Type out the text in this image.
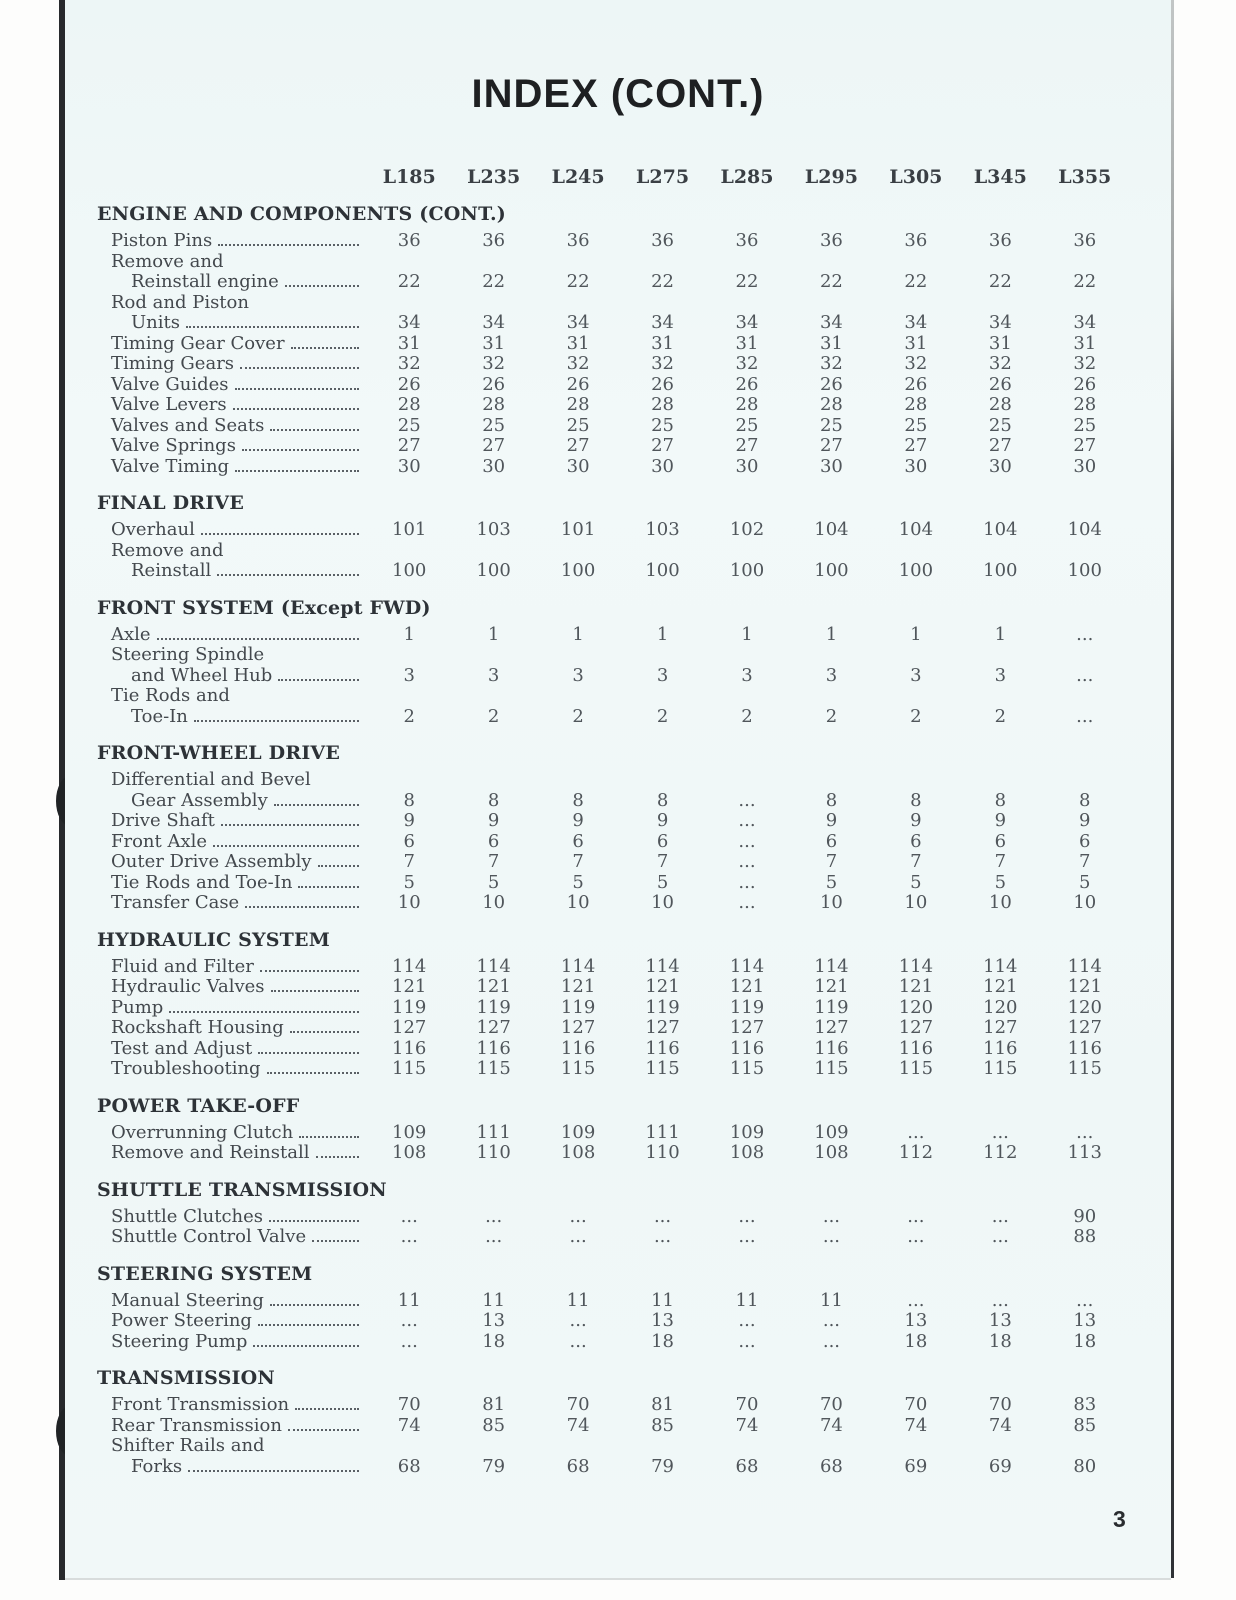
INDEX (CONT.)
L185	L235	L245	L275	L285	L295	L305	L345	L355
ENGINE AND COMPONENTS (CONT.)
Piston Pins	36	36	36	36	36	36	36	36	36
Remove and
Reinstall engine	22	22	22	22	22	22	22	22	22
Rod and Piston
Units	34	34	34	34	34	34	34	34	34
Timing Gear Cover	31	31	31	31	31	31	31	31	31
Timing Gears	32	32	32	32	32	32	32	32	32
Valve Guides	26	26	26	26	26	26	26	26	26
Valve Levers	28	28	28	28	28	28	28	28	28
Valves and Seats	25	25	25	25	25	25	25	25	25
Valve Springs	27	27	27	27	27	27	27	27	27
Valve Timing	30	30	30	30	30	30	30	30	30
FINAL DRIVE
Overhaul	101	103	101	103	102	104	104	104	104
Remove and
Reinstall	100	100	100	100	100	100	100	100	100
FRONT SYSTEM (Except FWD)
Axle	1	1	1	1	1	1	1	1	...
Steering Spindle
and Wheel Hub	3	3	3	3	3	3	3	3	...
Tie Rods and
Toe-In	2	2	2	2	2	2	2	2	...
FRONT-WHEEL DRIVE
Differential and Bevel
Gear Assembly	8	8	8	8	...	8	8	8	8
Drive Shaft	9	9	9	9	...	9	9	9	9
Front Axle	6	6	6	6	...	6	6	6	6
Outer Drive Assembly	7	7	7	7	...	7	7	7	7
Tie Rods and Toe-In	5	5	5	5	...	5	5	5	5
Transfer Case	10	10	10	10	...	10	10	10	10
HYDRAULIC SYSTEM
Fluid and Filter	114	114	114	114	114	114	114	114	114
Hydraulic Valves	121	121	121	121	121	121	121	121	121
Pump	119	119	119	119	119	119	120	120	120
Rockshaft Housing	127	127	127	127	127	127	127	127	127
Test and Adjust	116	116	116	116	116	116	116	116	116
Troubleshooting	115	115	115	115	115	115	115	115	115
POWER TAKE-OFF
Overrunning Clutch	109	111	109	111	109	109	...	...	...
Remove and Reinstall	108	110	108	110	108	108	112	112	113
SHUTTLE TRANSMISSION
Shuttle Clutches	...	...	...	...	...	...	...	...	90
Shuttle Control Valve	...	...	...	...	...	...	...	...	88
STEERING SYSTEM
Manual Steering	11	11	11	11	11	11	...	...	...
Power Steering	...	13	...	13	...	...	13	13	13
Steering Pump	...	18	...	18	...	...	18	18	18
TRANSMISSION
Front Transmission	70	81	70	81	70	70	70	70	83
Rear Transmission	74	85	74	85	74	74	74	74	85
Shifter Rails and
Forks	68	79	68	79	68	68	69	69	80
3
